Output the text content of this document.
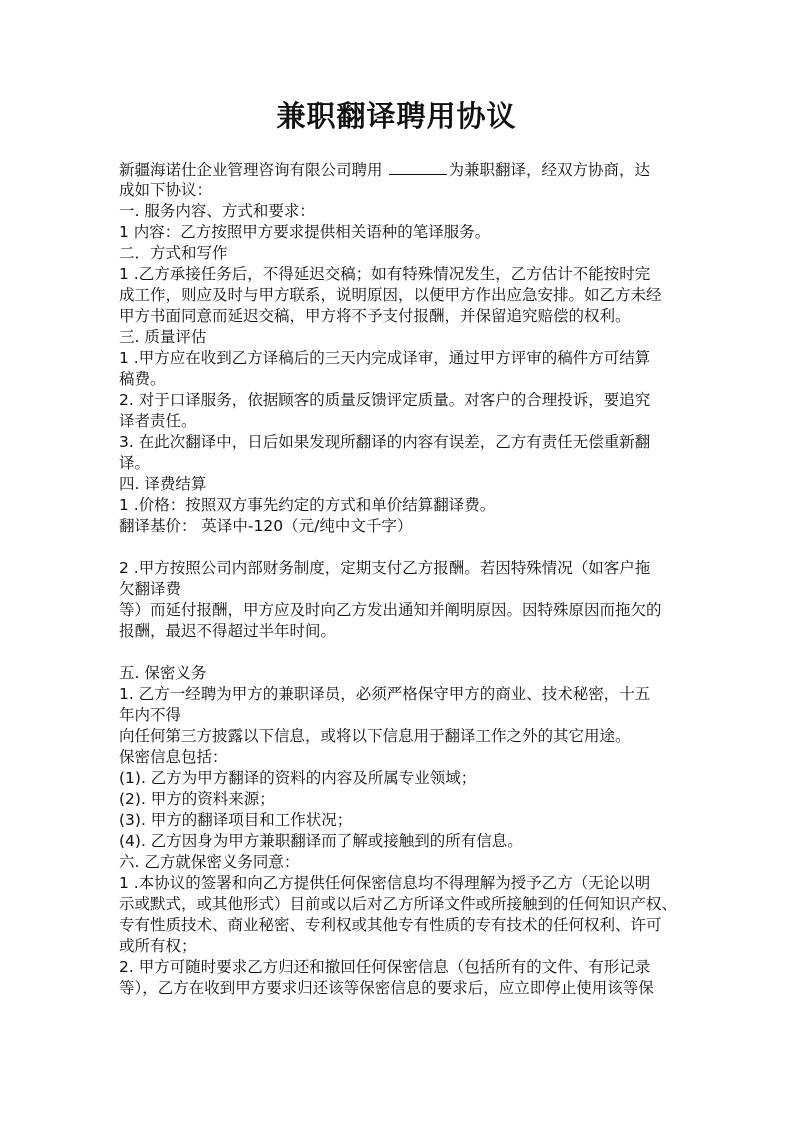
兼职翻译聘用协议
新疆海诺仕企业管理咨询有限公司聘用	为兼职翻译，经双方协商，达
成如下协议：
一. 服务内容、方式和要求：
1 内容：乙方按照甲方要求提供相关语种的笔译服务。
二．方式和写作
1 .乙方承接任务后，不得延迟交稿；如有特殊情况发生，乙方估计不能按时完
成工作，则应及时与甲方联系，说明原因，以便甲方作出应急安排。如乙方未经
甲方书面同意而延迟交稿，甲方将不予支付报酬，并保留追究赔偿的权利。
三. 质量评估
1 .甲方应在收到乙方译稿后的三天内完成译审，通过甲方评审的稿件方可结算
稿费。
2. 对于口译服务，依据顾客的质量反馈评定质量。对客户的合理投诉，要追究
译者责任。
3. 在此次翻译中，日后如果发现所翻译的内容有误差，乙方有责任无偿重新翻
译。
四. 译费结算
1 .价格：按照双方事先约定的方式和单价结算翻译费。
翻译基价： 英译中-120（元/纯中文千字）
2 .甲方按照公司内部财务制度，定期支付乙方报酬。若因特殊情况（如客户拖
欠翻译费
等）而延付报酬，甲方应及时向乙方发出通知并阐明原因。因特殊原因而拖欠的
报酬，最迟不得超过半年时间。
五. 保密义务
1. 乙方一经聘为甲方的兼职译员，必须严格保守甲方的商业、技术秘密，十五
年内不得
向任何第三方披露以下信息，或将以下信息用于翻译工作之外的其它用途。
保密信息包括：
(1). 乙方为甲方翻译的资料的内容及所属专业领域；
(2). 甲方的资料来源；
(3). 甲方的翻译项目和工作状况；
(4). 乙方因身为甲方兼职翻译而了解或接触到的所有信息。
六. 乙方就保密义务同意：
1 .本协议的签署和向乙方提供任何保密信息均不得理解为授予乙方（无论以明
示或默式，或其他形式）目前或以后对乙方所译文件或所接触到的任何知识产权、
专有性质技术、商业秘密、专利权或其他专有性质的专有技术的任何权利、许可
或所有权；
2. 甲方可随时要求乙方归还和撤回任何保密信息（包括所有的文件、有形记录
等），乙方在收到甲方要求归还该等保密信息的要求后，应立即停止使用该等保
